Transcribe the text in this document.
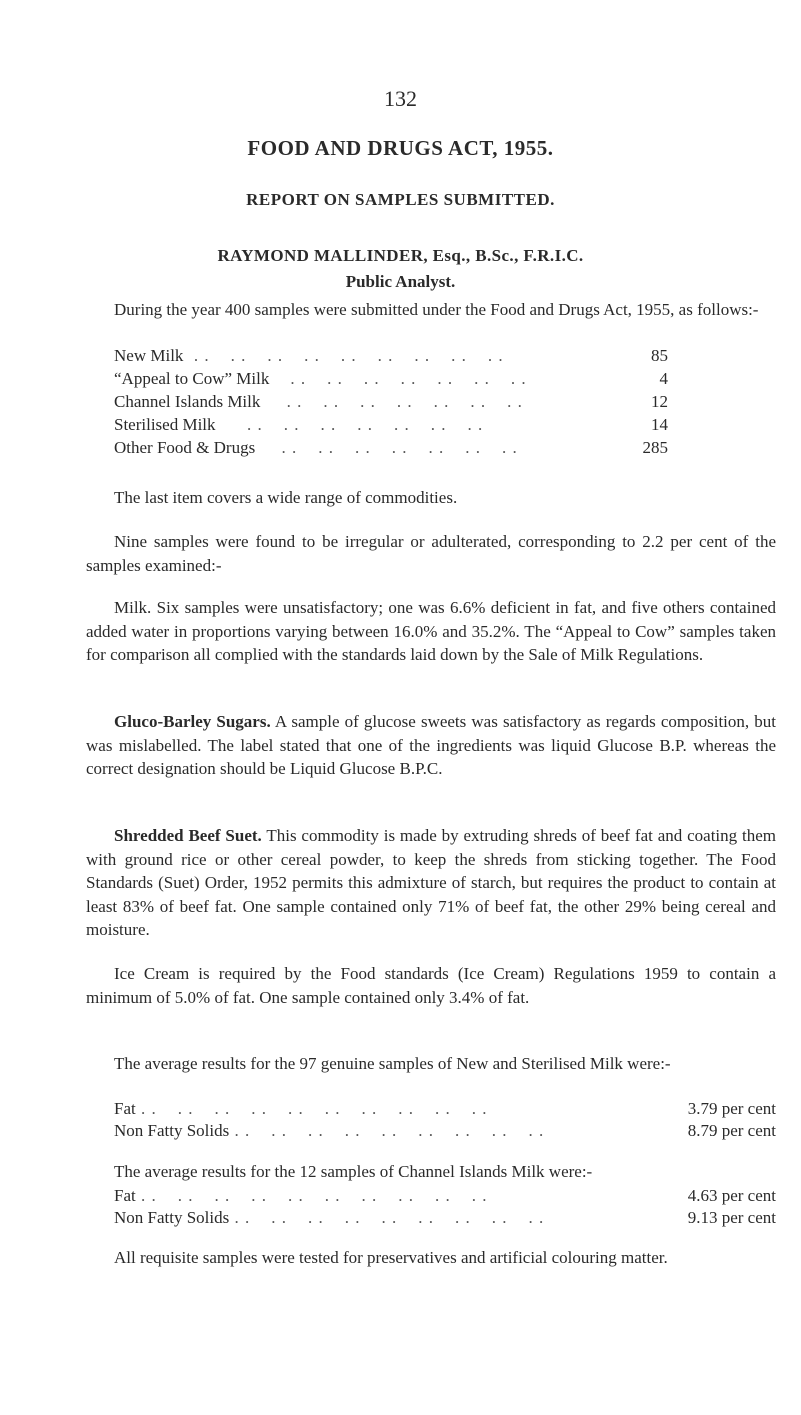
132
FOOD AND DRUGS ACT, 1955.
REPORT ON SAMPLES SUBMITTED.
RAYMOND MALLINDER, Esq., B.Sc., F.R.I.C.
Public Analyst.
During the year 400 samples were submitted under the Food and Drugs Act, 1955, as follows:-
New Milk . .    . .    . .    . .    . .    . .    . .    . .    . .	85
“Appeal to Cow” Milk . .    . .    . .    . .    . .    . .    . .	4
Channel Islands Milk . .    . .    . .    . .    . .    . .    . .	12
Sterilised Milk . .    . .    . .    . .    . .    . .    . .	14
Other Food & Drugs . .    . .    . .    . .    . .    . .    . .	285
The last item covers a wide range of commodities.
Nine samples were found to be irregular or adulterated, corresponding to 2.2 per cent of the samples examined:-
Milk. Six samples were unsatisfactory; one was 6.6% deficient in fat, and five others contained added water in proportions varying between 16.0% and 35.2%. The “Appeal to Cow” samples taken for comparison all complied with the standards laid down by the Sale of Milk Regulations.
Gluco-Barley Sugars. A sample of glucose sweets was satisfactory as regards composition, but was mislabelled. The label stated that one of the ingredients was liquid Glucose B.P. whereas the correct designation should be Liquid Glucose B.P.C.
Shredded Beef Suet. This commodity is made by extruding shreds of beef fat and coating them with ground rice or other cereal powder, to keep the shreds from sticking together. The Food Standards (Suet) Order, 1952 permits this admixture of starch, but requires the product to contain at least 83% of beef fat. One sample contained only 71% of beef fat, the other 29% being cereal and moisture.
Ice Cream is required by the Food standards (Ice Cream) Regulations 1959 to contain a minimum of 5.0% of fat. One sample contained only 3.4% of fat.
The average results for the 97 genuine samples of New and Sterilised Milk were:-
Fat . .    . .    . .    . .    . .    . .    . .    . .    . .    . .	3.79 per cent
Non Fatty Solids . .    . .    . .    . .    . .    . .    . .    . .    . .	8.79 per cent
The average results for the 12 samples of Channel Islands Milk were:-
Fat . .    . .    . .    . .    . .    . .    . .    . .    . .    . .	4.63 per cent
Non Fatty Solids . .    . .    . .    . .    . .    . .    . .    . .    . .	9.13 per cent
All requisite samples were tested for preservatives and artificial colouring matter.
